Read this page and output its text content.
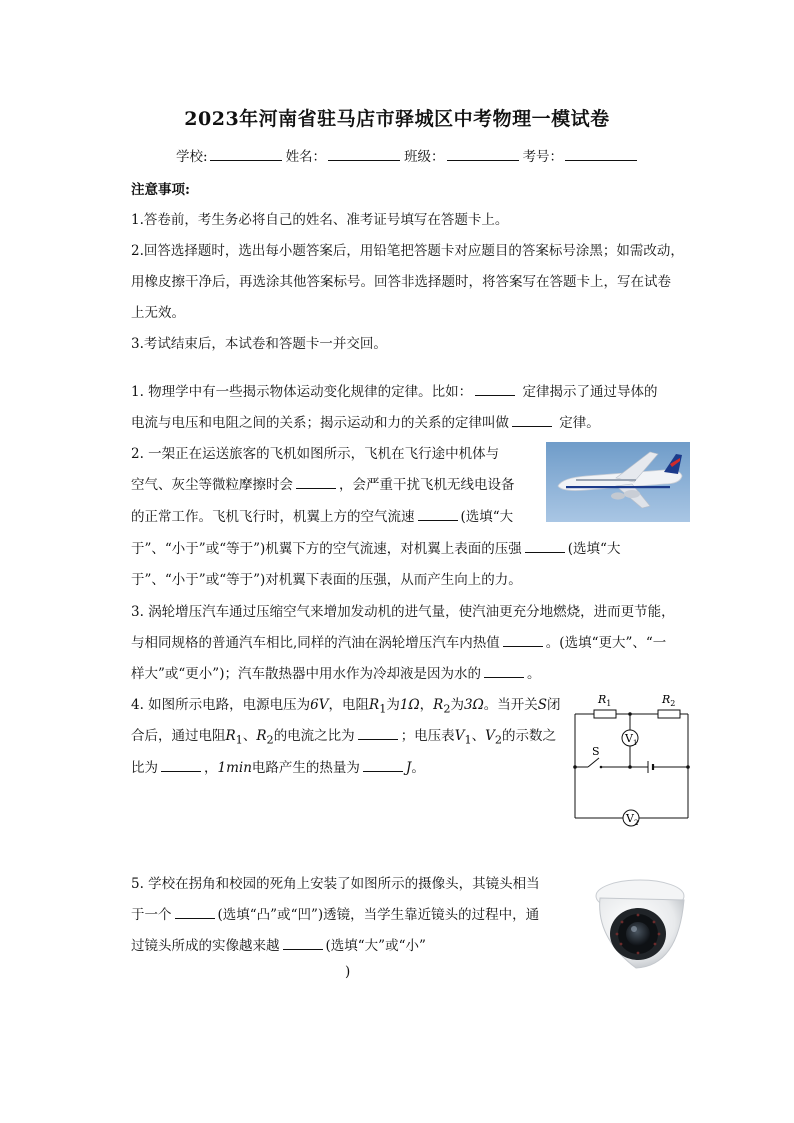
2023年河南省驻马店市驿城区中考物理一模试卷
学校:	姓名：	班级：	考号：
注意事项:
1.答卷前，考生务必将自己的姓名、准考证号填写在答题卡上。
2.回答选择题时，选出每小题答案后，用铅笔把答题卡对应题目的答案标号涂黑；如需改动，
用橡皮擦干净后，再选涂其他答案标号。回答非选择题时，将答案写在答题卡上，写在试卷
上无效。
3.考试结束后，本试卷和答题卡一并交回。
1. 物理学中有一些揭示物体运动变化规律的定律。比如：	定律揭示了通过导体的
电流与电压和电阻之间的关系；揭示运动和力的关系的定律叫做	定律。
2. 一架正在运送旅客的飞机如图所示，飞机在飞行途中机体与
空气、灰尘等微粒摩擦时会	，会严重干扰飞机无线电设备
的正常工作。飞机飞行时，机翼上方的空气流速	(选填“大
于”、“小于”或“等于”)机翼下方的空气流速，对机翼上表面的压强	(选填“大
于”、“小于”或“等于”)对机翼下表面的压强，从而产生向上的力。
3. 涡轮增压汽车通过压缩空气来增加发动机的进气量，使汽油更充分地燃烧，进而更节能，
与相同规格的普通汽车相比,同样的汽油在涡轮增压汽车内热值	。(选填“更大”、“一
样大”或“更小”)；汽车散热器中用水作为冷却液是因为水的	。
4. 如图所示电路，电源电压为6V，电阻$R_1$为1Ω，$R_2$为3Ω。当开关S闭
合后，通过电阻$R_1$、$R_2$的电流之比为	；电压表$V_1$、$V_2$的示数之
比为	，1min电路产生的热量为	J。
$R_1$	$R_2$
$V_1$
$V_2$
S
5. 学校在拐角和校园的死角上安装了如图所示的摄像头，其镜头相当
于一个	(选填“凸”或“凹”)透镜，当学生靠近镜头的过程中，通
过镜头所成的实像越来越	(选填“大”或“小”
)
